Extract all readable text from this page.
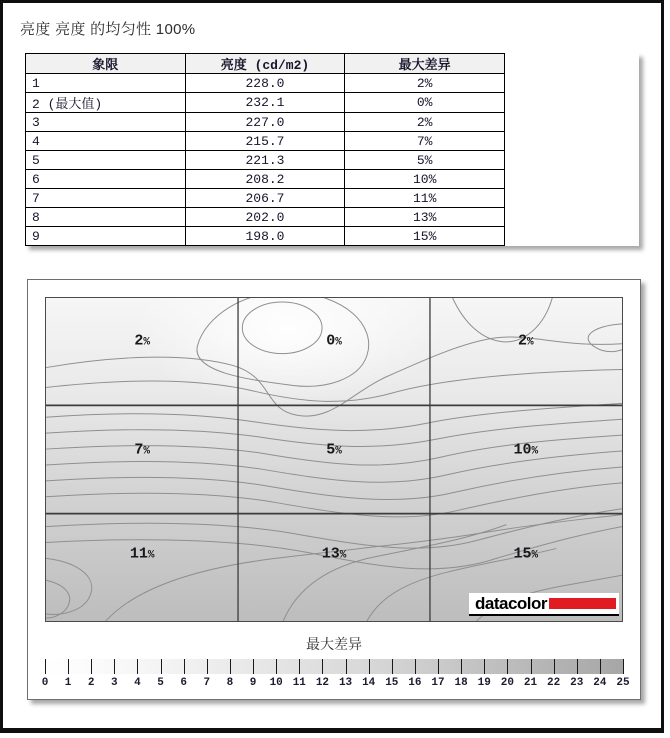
亮度 亮度 的均匀性 100%
象限	亮度 (cd/m2)	最大差异
1	228.0	2%
2 (最大值)	232.1	0%
3	227.0	2%
4	215.7	7%
5	221.3	5%
6	208.2	10%
7	206.7	11%
8	202.0	13%
9	198.0	15%
2%	0%	2%
7%	5%	10%
11%	13%	15%
datacolor
最大差异
0 1 2 3 4 5 6 7 8 9 10 11 12 13 14 15 16 17 18 19 20 21 22 23 24 25
